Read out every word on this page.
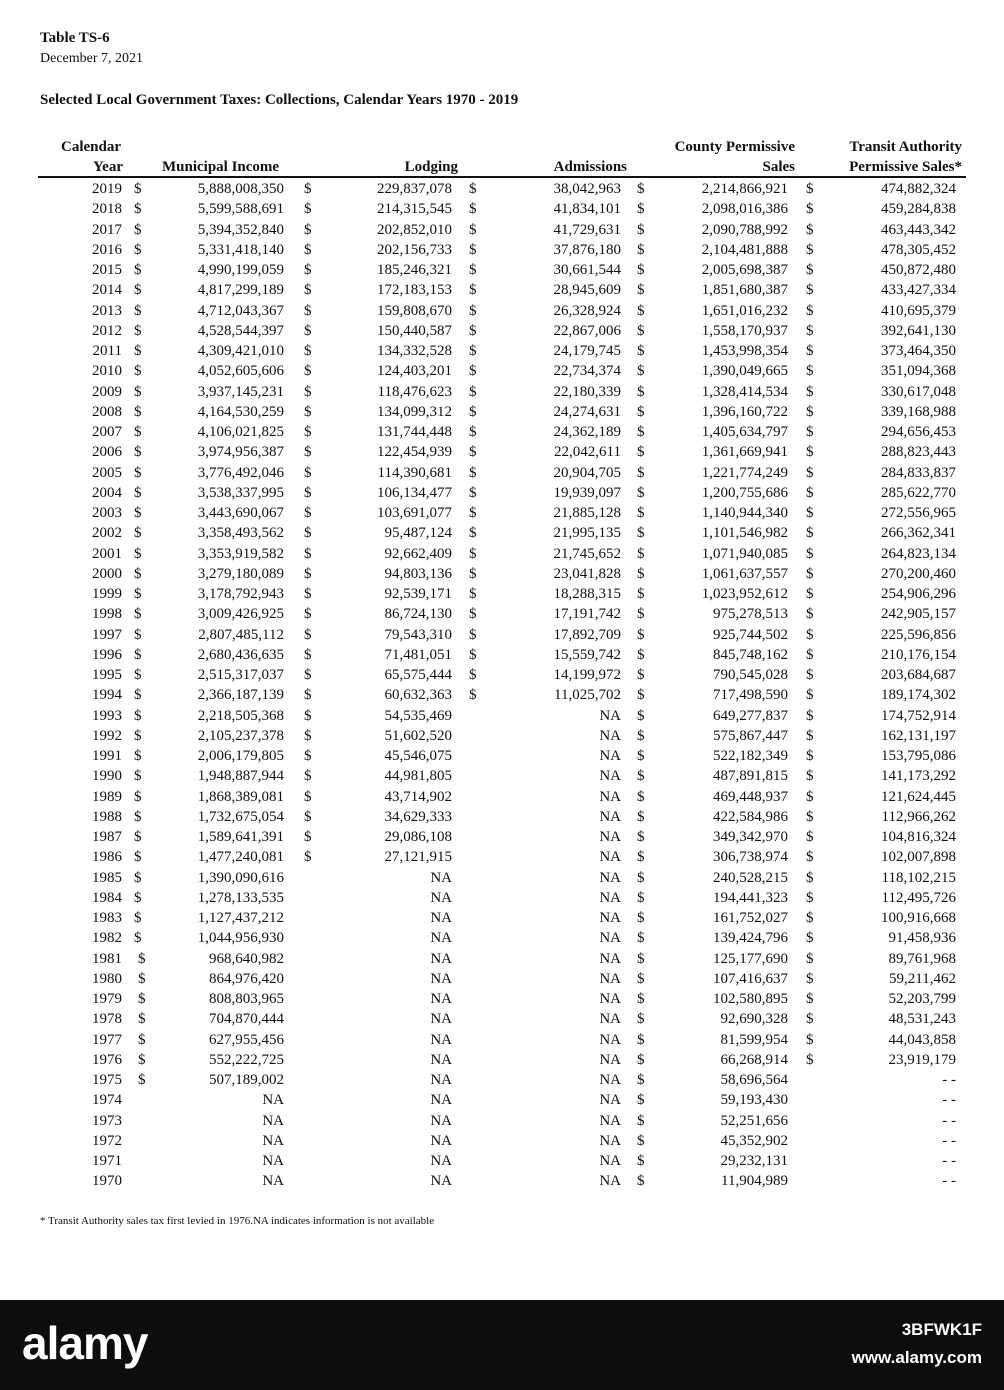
Table TS-6
December 7, 2021
Selected Local Government Taxes: Collections, Calendar Years 1970 - 2019
Calendar
Year	Municipal Income	Lodging	Admissions
County Permissive
Sales
Transit Authority
Permissive Sales*
2019 $	5,888,008,350 $	229,837,078 $	38,042,963 $	2,214,866,921 $	474,882,324
2018 $	5,599,588,691 $	214,315,545 $	41,834,101 $	2,098,016,386 $	459,284,838
2017 $	5,394,352,840 $	202,852,010 $	41,729,631 $	2,090,788,992 $	463,443,342
2016 $	5,331,418,140 $	202,156,733 $	37,876,180 $	2,104,481,888 $	478,305,452
2015 $	4,990,199,059 $	185,246,321 $	30,661,544 $	2,005,698,387 $	450,872,480
2014 $	4,817,299,189 $	172,183,153 $	28,945,609 $	1,851,680,387 $	433,427,334
2013 $	4,712,043,367 $	159,808,670 $	26,328,924 $	1,651,016,232 $	410,695,379
2012 $	4,528,544,397 $	150,440,587 $	22,867,006 $	1,558,170,937 $	392,641,130
2011 $	4,309,421,010 $	134,332,528 $	24,179,745 $	1,453,998,354 $	373,464,350
2010 $	4,052,605,606 $	124,403,201 $	22,734,374 $	1,390,049,665 $	351,094,368
2009 $	3,937,145,231 $	118,476,623 $	22,180,339 $	1,328,414,534 $	330,617,048
2008 $	4,164,530,259 $	134,099,312 $	24,274,631 $	1,396,160,722 $	339,168,988
2007 $	4,106,021,825 $	131,744,448 $	24,362,189 $	1,405,634,797 $	294,656,453
2006 $	3,974,956,387 $	122,454,939 $	22,042,611 $	1,361,669,941 $	288,823,443
2005 $	3,776,492,046 $	114,390,681 $	20,904,705 $	1,221,774,249 $	284,833,837
2004 $	3,538,337,995 $	106,134,477 $	19,939,097 $	1,200,755,686 $	285,622,770
2003 $	3,443,690,067 $	103,691,077 $	21,885,128 $	1,140,944,340 $	272,556,965
2002 $	3,358,493,562 $	95,487,124 $	21,995,135 $	1,101,546,982 $	266,362,341
2001 $	3,353,919,582 $	92,662,409 $	21,745,652 $	1,071,940,085 $	264,823,134
2000 $	3,279,180,089 $	94,803,136 $	23,041,828 $	1,061,637,557 $	270,200,460
1999 $	3,178,792,943 $	92,539,171 $	18,288,315 $	1,023,952,612 $	254,906,296
1998 $	3,009,426,925 $	86,724,130 $	17,191,742 $	975,278,513 $	242,905,157
1997 $	2,807,485,112 $	79,543,310 $	17,892,709 $	925,744,502 $	225,596,856
1996 $	2,680,436,635 $	71,481,051 $	15,559,742 $	845,748,162 $	210,176,154
1995 $	2,515,317,037 $	65,575,444 $	14,199,972 $	790,545,028 $	203,684,687
1994 $	2,366,187,139 $	60,632,363 $	11,025,702 $	717,498,590 $	189,174,302
1993 $	2,218,505,368 $	54,535,469	NA $	649,277,837 $	174,752,914
1992 $	2,105,237,378 $	51,602,520	NA $	575,867,447 $	162,131,197
1991 $	2,006,179,805 $	45,546,075	NA $	522,182,349 $	153,795,086
1990 $	1,948,887,944 $	44,981,805	NA $	487,891,815 $	141,173,292
1989 $	1,868,389,081 $	43,714,902	NA $	469,448,937 $	121,624,445
1988 $	1,732,675,054 $	34,629,333	NA $	422,584,986 $	112,966,262
1987 $	1,589,641,391 $	29,086,108	NA $	349,342,970 $	104,816,324
1986 $	1,477,240,081 $	27,121,915	NA $	306,738,974 $	102,007,898
1985 $	1,390,090,616	NA	NA $	240,528,215 $	118,102,215
1984 $	1,278,133,535	NA	NA $	194,441,323 $	112,495,726
1983 $	1,127,437,212	NA	NA $	161,752,027 $	100,916,668
1982 $	1,044,956,930	NA	NA $	139,424,796 $	91,458,936
1981 $	968,640,982	NA	NA $	125,177,690 $	89,761,968
1980 $	864,976,420	NA	NA $	107,416,637 $	59,211,462
1979 $	808,803,965	NA	NA $	102,580,895 $	52,203,799
1978 $	704,870,444	NA	NA $	92,690,328 $	48,531,243
1977 $	627,955,456	NA	NA $	81,599,954 $	44,043,858
1976 $	552,222,725	NA	NA $	66,268,914 $	23,919,179
1975 $	507,189,002	NA	NA $	58,696,564	- -
1974	NA	NA	NA $	59,193,430	- -
1973	NA	NA	NA $	52,251,656	- -
1972	NA	NA	NA $	45,352,902	- -
1971	NA	NA	NA $	29,232,131	- -
1970	NA	NA	NA $	11,904,989	- -
* Transit Authority sales tax first levied in 1976.NA indicates information is not available
alamy	3BFWK1F
www.alamy.com
